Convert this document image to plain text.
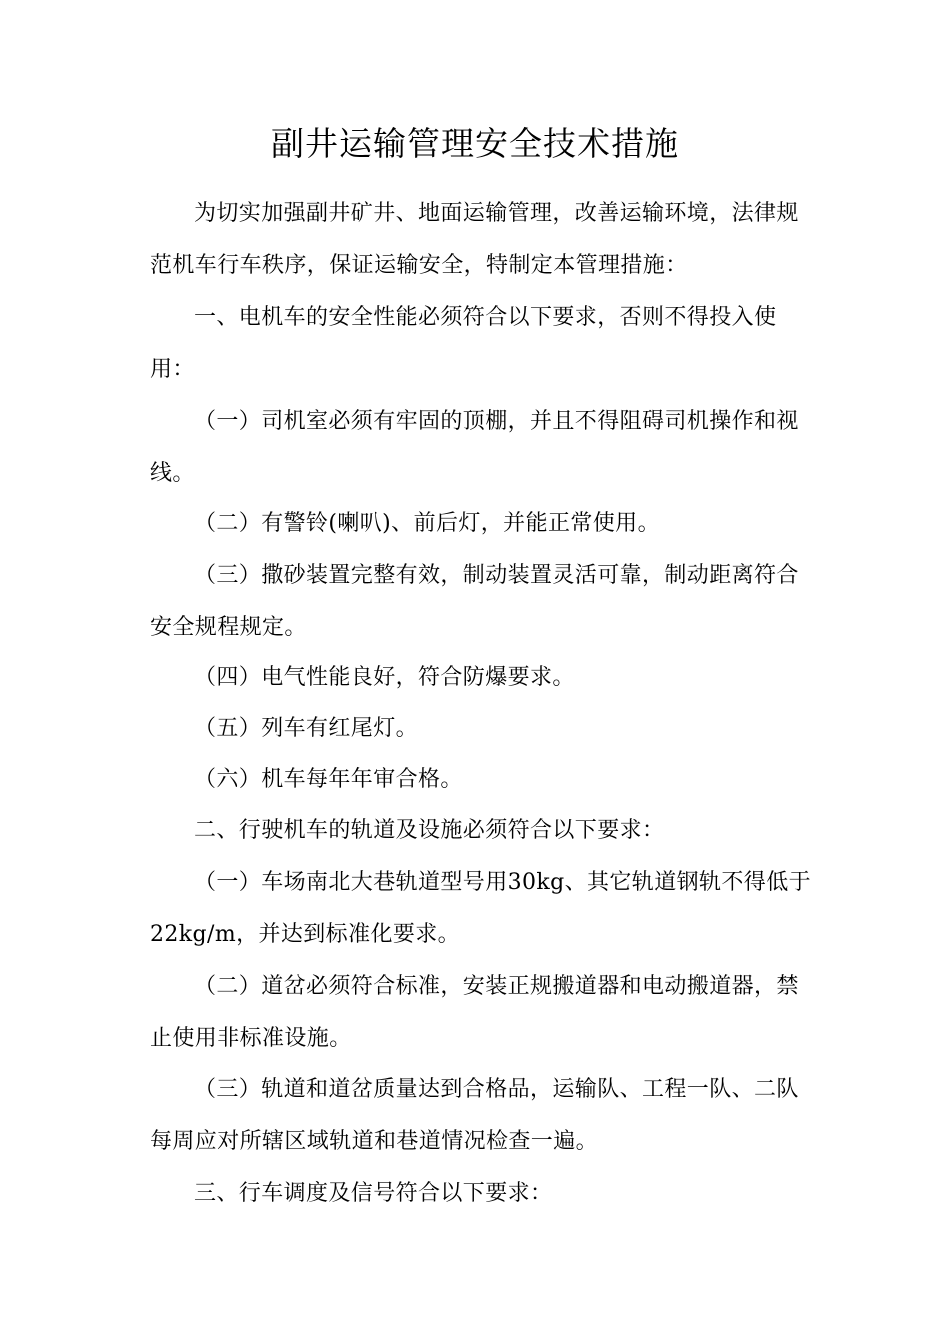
副井运输管理安全技术措施

为切实加强副井矿井、地面运输管理，改善运输环境，法律规

范机车行车秩序，保证运输安全，特制定本管理措施：

一、电机车的安全性能必须符合以下要求，否则不得投入使

用：

（一）司机室必须有牢固的顶棚，并且不得阻碍司机操作和视

线。

（二）有警铃(喇叭)、前后灯，并能正常使用。

（三）撒砂装置完整有效，制动装置灵活可靠，制动距离符合

安全规程规定。

（四）电气性能良好，符合防爆要求。

（五）列车有红尾灯。

（六）机车每年年审合格。

二、行驶机车的轨道及设施必须符合以下要求：

（一）车场南北大巷轨道型号用30kg、其它轨道钢轨不得低于

22kg/m，并达到标准化要求。

（二）道岔必须符合标准，安装正规搬道器和电动搬道器，禁

止使用非标准设施。

（三）轨道和道岔质量达到合格品，运输队、工程一队、二队

每周应对所辖区域轨道和巷道情况检查一遍。

三、行车调度及信号符合以下要求：
